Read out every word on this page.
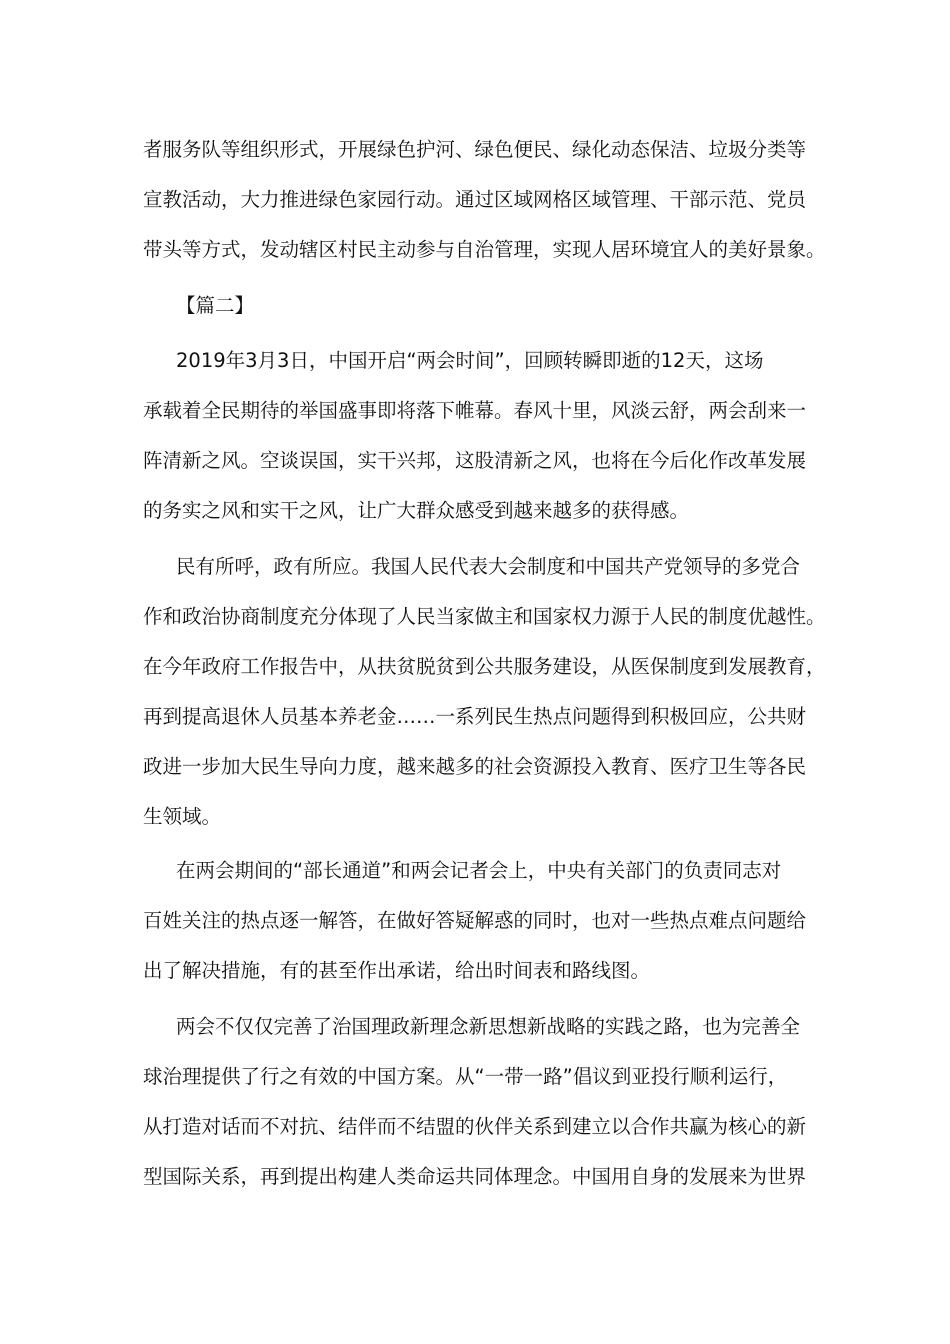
者服务队等组织形式，开展绿色护河、绿色便民、绿化动态保洁、垃圾分类等
宣教活动，大力推进绿色家园行动。通过区域网格区域管理、干部示范、党员
带头等方式，发动辖区村民主动参与自治管理，实现人居环境宜人的美好景象。
【篇二】
2019年3月3日，中国开启“两会时间”，回顾转瞬即逝的12天，这场
承载着全民期待的举国盛事即将落下帷幕。春风十里，风淡云舒，两会刮来一
阵清新之风。空谈误国，实干兴邦，这股清新之风，也将在今后化作改革发展
的务实之风和实干之风，让广大群众感受到越来越多的获得感。
民有所呼，政有所应。我国人民代表大会制度和中国共产党领导的多党合
作和政治协商制度充分体现了人民当家做主和国家权力源于人民的制度优越性。
在今年政府工作报告中，从扶贫脱贫到公共服务建设，从医保制度到发展教育，
再到提高退休人员基本养老金……一系列民生热点问题得到积极回应，公共财
政进一步加大民生导向力度，越来越多的社会资源投入教育、医疗卫生等各民
生领域。
在两会期间的“部长通道”和两会记者会上，中央有关部门的负责同志对
百姓关注的热点逐一解答，在做好答疑解惑的同时，也对一些热点难点问题给
出了解决措施，有的甚至作出承诺，给出时间表和路线图。
两会不仅仅完善了治国理政新理念新思想新战略的实践之路，也为完善全
球治理提供了行之有效的中国方案。从“一带一路”倡议到亚投行顺利运行，
从打造对话而不对抗、结伴而不结盟的伙伴关系到建立以合作共赢为核心的新
型国际关系，再到提出构建人类命运共同体理念。中国用自身的发展来为世界
